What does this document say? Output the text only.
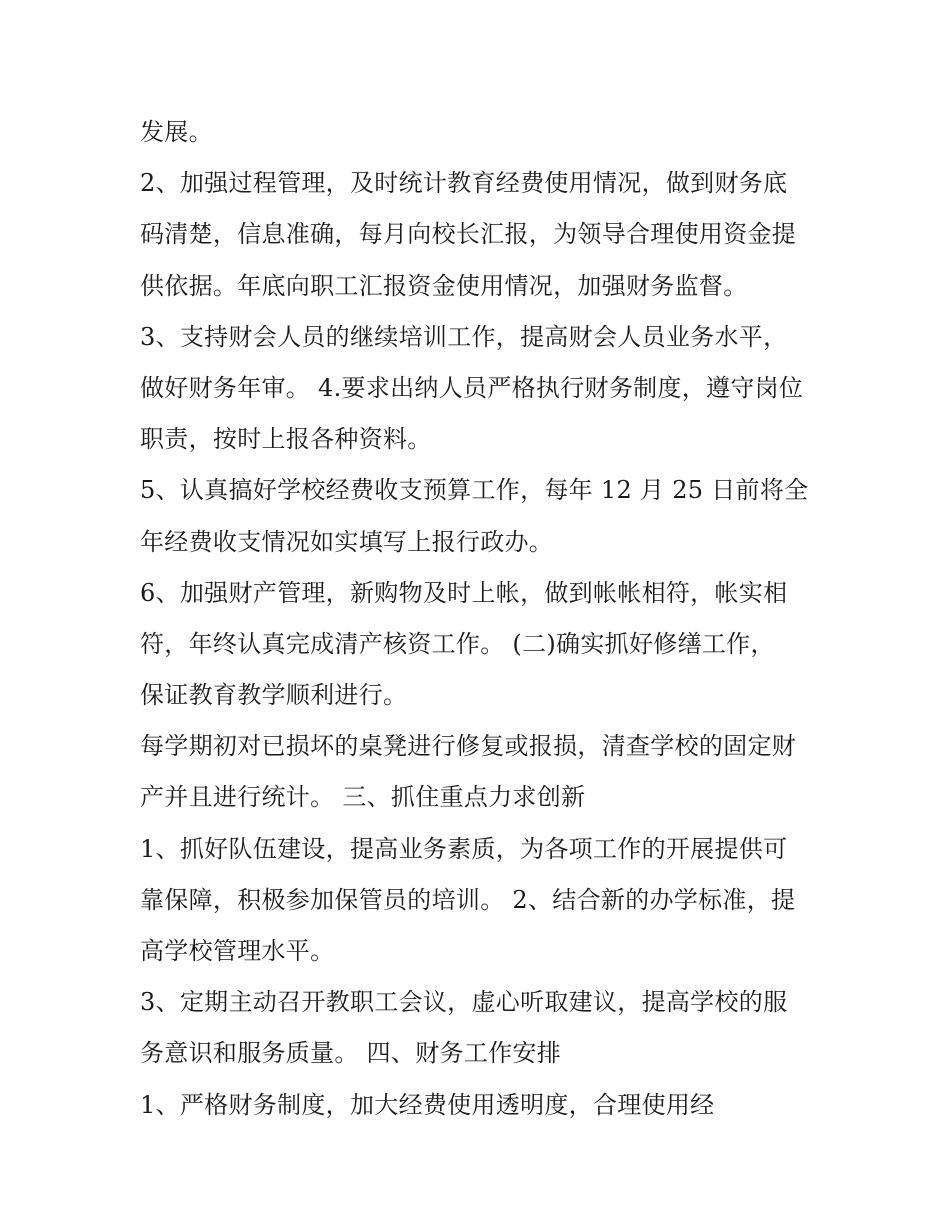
发展。
2、加强过程管理，及时统计教育经费使用情况，做到财务底
码清楚，信息准确，每月向校长汇报，为领导合理使用资金提
供依据。年底向职工汇报资金使用情况，加强财务监督。
3、支持财会人员的继续培训工作，提高财会人员业务水平，
做好财务年审。 4.要求出纳人员严格执行财务制度，遵守岗位
职责，按时上报各种资料。
5、认真搞好学校经费收支预算工作，每年 12 月 25 日前将全
年经费收支情况如实填写上报行政办。
6、加强财产管理，新购物及时上帐，做到帐帐相符，帐实相
符，年终认真完成清产核资工作。 (二)确实抓好修缮工作，
保证教育教学顺利进行。
每学期初对已损坏的桌凳进行修复或报损，清查学校的固定财
产并且进行统计。 三、抓住重点力求创新
1、抓好队伍建设，提高业务素质，为各项工作的开展提供可
靠保障，积极参加保管员的培训。 2、结合新的办学标准，提
高学校管理水平。
3、定期主动召开教职工会议，虚心听取建议，提高学校的服
务意识和服务质量。 四、财务工作安排
1、严格财务制度，加大经费使用透明度，合理使用经
